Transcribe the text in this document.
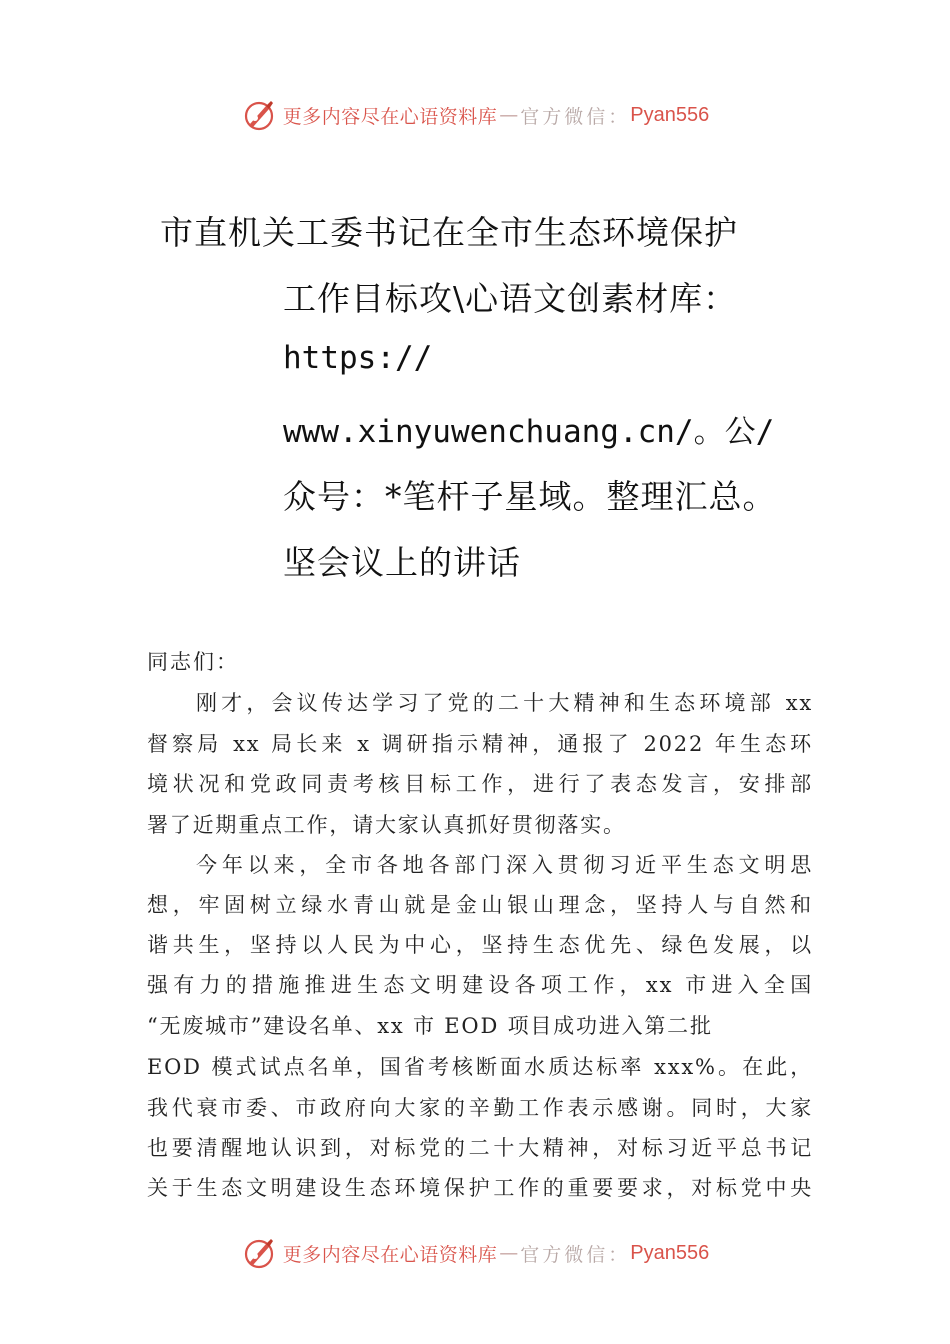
更多内容尽在心语资料库 — 官方微信： Pyan556
市直机关工委书记在全市生态环境保护
工作目标攻\心语文创素材库：
https://
www.xinyuwenchuang.cn/。公/
众号：*笔杆子星域。整理汇总。
坚会议上的讲话
同志们：
刚才，会议传达学习了党的二十大精神和生态环境部 xx
督察局 xx 局长来 x 调研指示精神，通报了 2022 年生态环
境状况和党政同责考核目标工作，进行了表态发言，安排部
署了近期重点工作，请大家认真抓好贯彻落实。
今年以来，全市各地各部门深入贯彻习近平生态文明思
想，牢固树立绿水青山就是金山银山理念，坚持人与自然和
谐共生，坚持以人民为中心，坚持生态优先、绿色发展，以
强有力的措施推进生态文明建设各项工作，xx 市进入全国
“无废城市”建设名单、xx 市 EOD 项目成功进入第二批
EOD 模式试点名单，国省考核断面水质达标率 xxx%。在此，
我代衰市委、市政府向大家的辛勤工作表示感谢。同时，大家
也要清醒地认识到，对标党的二十大精神，对标习近平总书记
关于生态文明建设生态环境保护工作的重要要求，对标党中央
更多内容尽在心语资料库 — 官方微信： Pyan556
